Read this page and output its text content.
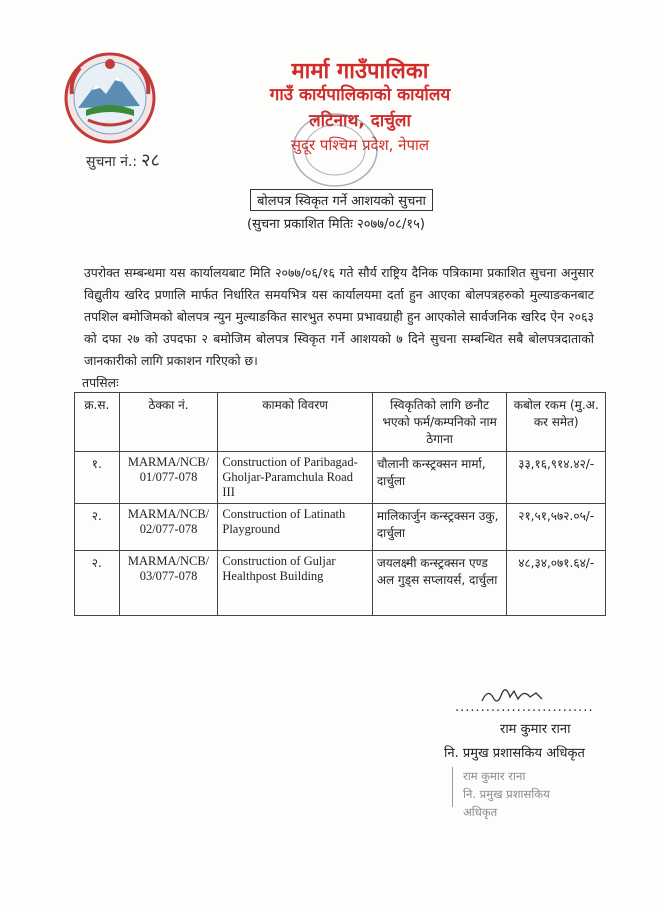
मार्मा गाउँपालिका
गाउँ कार्यपालिकाको कार्यालय
लटिनाथ, दार्चुला
सुदूर पश्चिम प्रदेश, नेपाल
सुचना नं.: २८
बोलपत्र स्विकृत गर्ने आशयको सुचना
(सुचना प्रकाशित मितिः २०७७/०८/१५)
उपरोक्त सम्बन्धमा यस कार्यालयबाट मिति २०७७/०६/१६ गते सौर्य राष्ट्रिय दैनिक पत्रिकामा प्रकाशित सुचना अनुसार विद्युतीय खरिद प्रणालि मार्फत निर्धारित समयभित्र यस कार्यालयमा दर्ता हुन आएका बोलपत्रहरुको मुल्याङकनबाट तपशिल बमोजिमको बोलपत्र न्युन मुल्याङकित सारभुत रुपमा प्रभावग्राही हुन आएकोले सार्वजनिक खरिद ऐन २०६३ को दफा २७ को उपदफा २ बमोजिम बोलपत्र स्विकृत गर्ने आशयको ७ दिने सुचना सम्बन्धित सबै बोलपत्रदाताको जानकारीको लागि प्रकाशन गरिएको छ।
तपसिलः
क्र.स.	ठेक्का नं.	कामको विवरण	स्विकृतिको लागि छनौट भएको फर्म/कम्पनिको नाम ठेगाना	कबोल रकम (मु.अ. कर समेत)
१.	MARMA/NCB/ 01/077-078	Construction of Paribagad-Gholjar-Paramchula Road III	चौलानी कन्स्ट्रक्सन मार्मा, दार्चुला	३३,१६,९१४.४२/-
२.	MARMA/NCB/ 02/077-078	Construction of Latinath Playground	मालिकार्जुन कन्स्ट्रक्सन उकु, दार्चुला	२१,५१,५७२.०५/-
२.	MARMA/NCB/ 03/077-078	Construction of Guljar Healthpost Building	जयलक्ष्मी कन्स्ट्रक्सन एण्ड अल गुड्स सप्लायर्स, दार्चुला	४८,३४,०७१.६४/-
...........................
राम कुमार राना
नि. प्रमुख प्रशासकिय अधिकृत
राम कुमार राना
नि. प्रमुख प्रशासकिय अधिकृत
